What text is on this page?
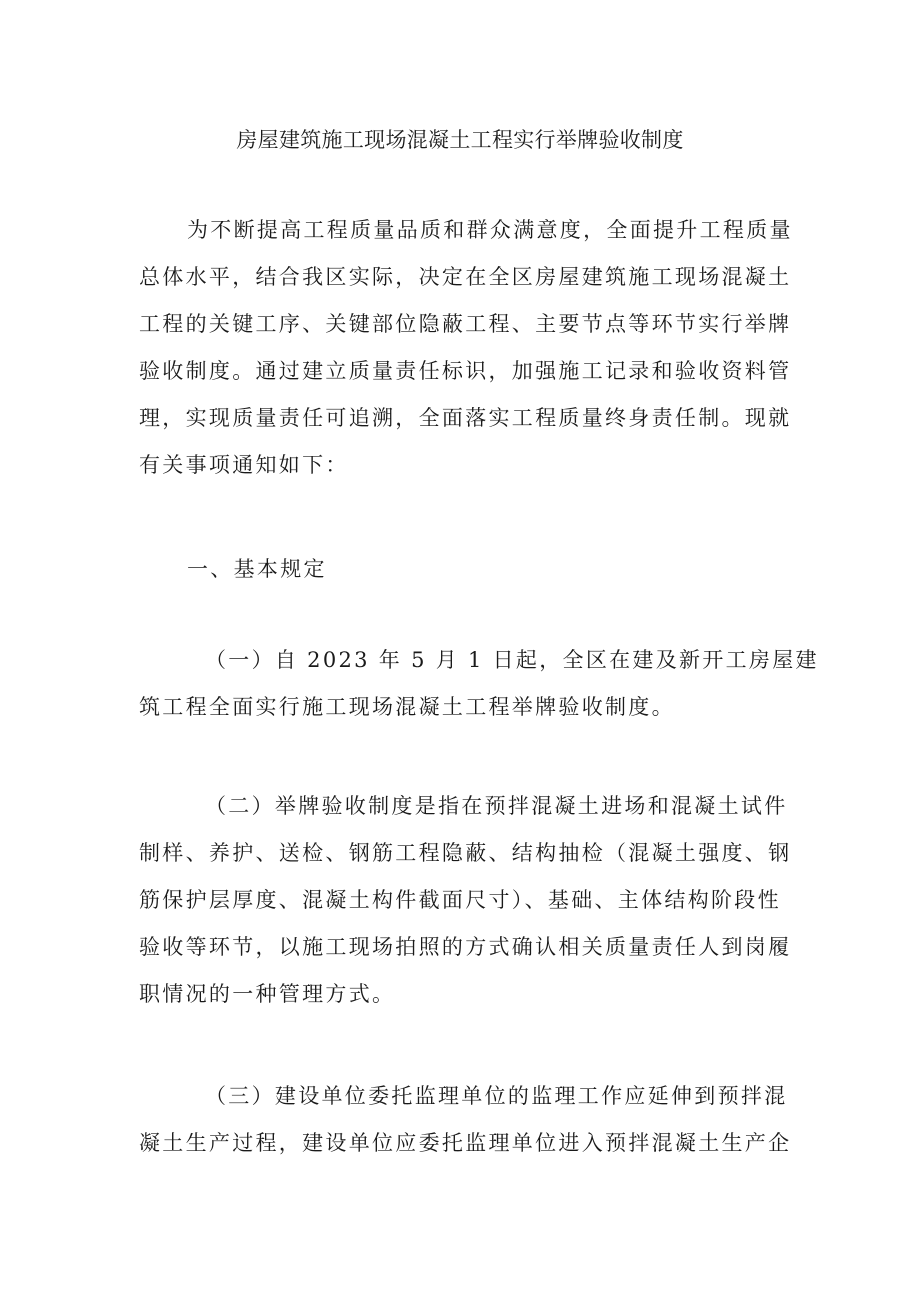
房屋建筑施工现场混凝土工程实行举牌验收制度
为不断提高工程质量品质和群众满意度，全面提升工程质量
总体水平，结合我区实际，决定在全区房屋建筑施工现场混凝土
工程的关键工序、关键部位隐蔽工程、主要节点等环节实行举牌
验收制度。通过建立质量责任标识，加强施工记录和验收资料管
理，实现质量责任可追溯，全面落实工程质量终身责任制。现就
有关事项通知如下：
一、基本规定
（一）自 2023 年 5 月 1 日起，全区在建及新开工房屋建
筑工程全面实行施工现场混凝土工程举牌验收制度。
（二）举牌验收制度是指在预拌混凝土进场和混凝土试件
制样、养护、送检、钢筋工程隐蔽、结构抽检（混凝土强度、钢
筋保护层厚度、混凝土构件截面尺寸）、基础、主体结构阶段性
验收等环节，以施工现场拍照的方式确认相关质量责任人到岗履
职情况的一种管理方式。
（三）建设单位委托监理单位的监理工作应延伸到预拌混
凝土生产过程，建设单位应委托监理单位进入预拌混凝土生产企
